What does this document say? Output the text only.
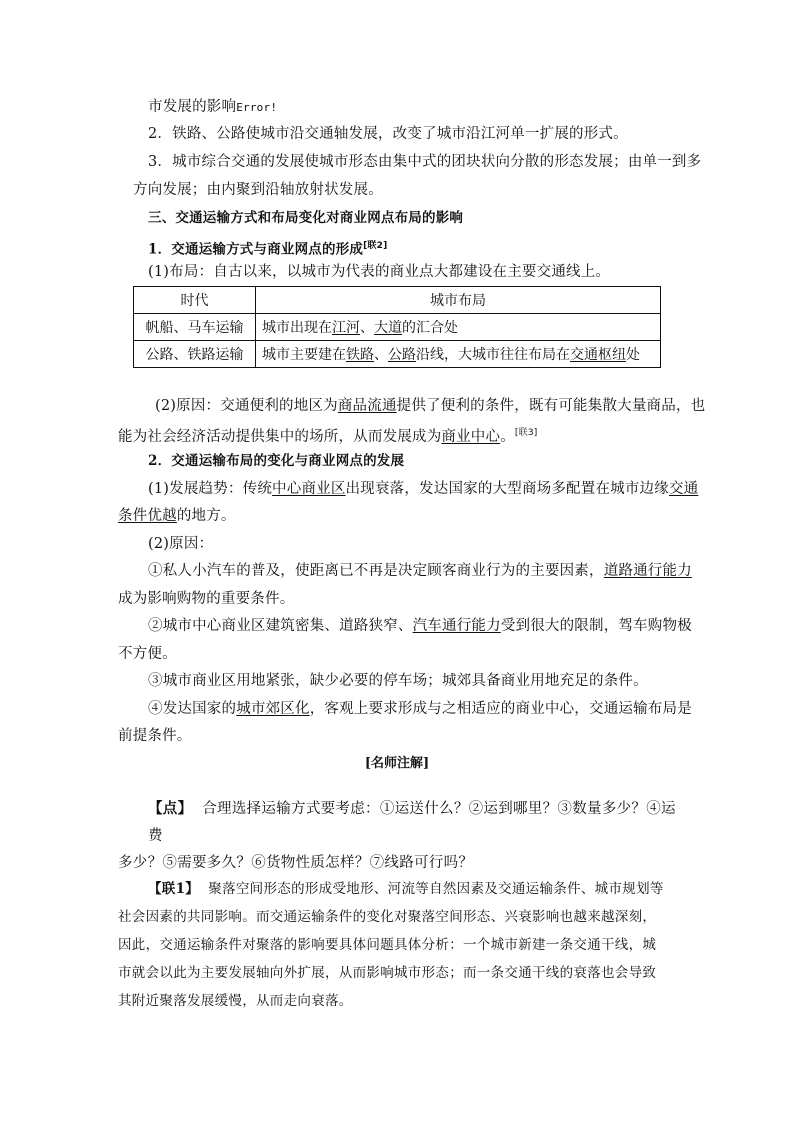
市发展的影响Error!
2．铁路、公路使城市沿交通轴发展，改变了城市沿江河单一扩展的形式。
3．城市综合交通的发展使城市形态由集中式的团块状向分散的形态发展；由单一到多
方向发展；由内聚到沿轴放射状发展。
三、交通运输方式和布局变化对商业网点布局的影响
1．交通运输方式与商业网点的形成[联2]
(1)布局：自古以来，以城市为代表的商业点大都建设在主要交通线上。
时代	城市布局
帆船、马车运输	城市出现在江河、大道的汇合处
公路、铁路运输	城市主要建在铁路、公路沿线，大城市往往布局在交通枢纽处
(2)原因：交通便利的地区为商品流通提供了便利的条件，既有可能集散大量商品，也
能为社会经济活动提供集中的场所，从而发展成为商业中心。[联3]
2．交通运输布局的变化与商业网点的发展
(1)发展趋势：传统中心商业区出现衰落，发达国家的大型商场多配置在城市边缘交通
条件优越的地方。
(2)原因：
①私人小汽车的普及，使距离已不再是决定顾客商业行为的主要因素，道路通行能力
成为影响购物的重要条件。
②城市中心商业区建筑密集、道路狭窄、汽车通行能力受到很大的限制，驾车购物极
不方便。
③城市商业区用地紧张，缺少必要的停车场；城郊具备商业用地充足的条件。
④发达国家的城市郊区化，客观上要求形成与之相适应的商业中心，交通运输布局是
前提条件。
[名师注解]
【点】 合理选择运输方式要考虑：①运送什么？②运到哪里？③数量多少？④运费
多少？⑤需要多久？⑥货物性质怎样？⑦线路可行吗？
【联1】 聚落空间形态的形成受地形、河流等自然因素及交通运输条件、城市规划等
社会因素的共同影响。而交通运输条件的变化对聚落空间形态、兴衰影响也越来越深刻，
因此，交通运输条件对聚落的影响要具体问题具体分析：一个城市新建一条交通干线，城
市就会以此为主要发展轴向外扩展，从而影响城市形态；而一条交通干线的衰落也会导致
其附近聚落发展缓慢，从而走向衰落。
